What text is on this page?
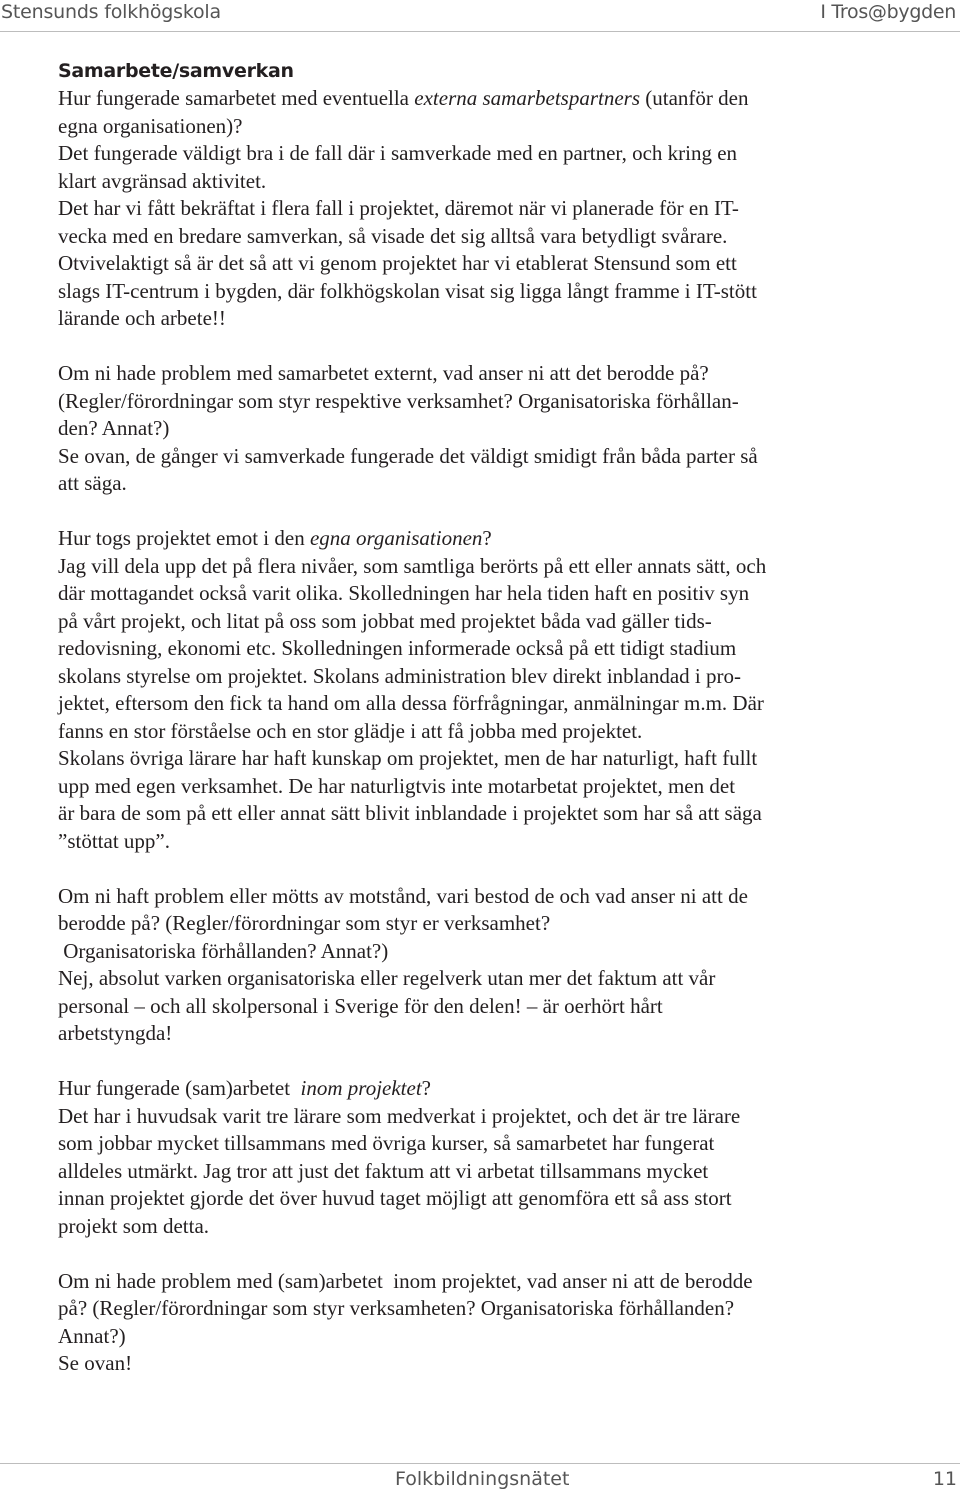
Stensunds folkhögskola	I Tros@bygden
Samarbete/samverkan
Hur fungerade samarbetet med eventuella externa samarbetspartners (utanför den
egna organisationen)?
Det fungerade väldigt bra i de fall där i samverkade med en partner, och kring en
klart avgränsad aktivitet.
Det har vi fått bekräftat i flera fall i projektet, däremot när vi planerade för en IT-
vecka med en bredare samverkan, så visade det sig alltså vara betydligt svårare.
Otvivelaktigt så är det så att vi genom projektet har vi etablerat Stensund som ett
slags IT-centrum i bygden, där folkhögskolan visat sig ligga långt framme i IT-stött
lärande och arbete!!
Om ni hade problem med samarbetet externt, vad anser ni att det berodde på?
(Regler/förordningar som styr respektive verksamhet? Organisatoriska förhållan-
den? Annat?)
Se ovan, de gånger vi samverkade fungerade det väldigt smidigt från båda parter så
att säga.
Hur togs projektet emot i den egna organisationen?
Jag vill dela upp det på flera nivåer, som samtliga berörts på ett eller annats sätt, och
där mottagandet också varit olika. Skolledningen har hela tiden haft en positiv syn
på vårt projekt, och litat på oss som jobbat med projektet båda vad gäller tids-
redovisning, ekonomi etc. Skolledningen informerade också på ett tidigt stadium
skolans styrelse om projektet. Skolans administration blev direkt inblandad i pro-
jektet, eftersom den fick ta hand om alla dessa förfrågningar, anmälningar m.m. Där
fanns en stor förståelse och en stor glädje i att få jobba med projektet.
Skolans övriga lärare har haft kunskap om projektet, men de har naturligt, haft fullt
upp med egen verksamhet. De har naturligtvis inte motarbetat projektet, men det
är bara de som på ett eller annat sätt blivit inblandade i projektet som har så att säga
”stöttat upp”.
Om ni haft problem eller mötts av motstånd, vari bestod de och vad anser ni att de
berodde på? (Regler/förordningar som styr er verksamhet?
Organisatoriska förhållanden? Annat?)
Nej, absolut varken organisatoriska eller regelverk utan mer det faktum att vår
personal – och all skolpersonal i Sverige för den delen! – är oerhört hårt
arbetstyngda!
Hur fungerade (sam)arbetet  inom projektet?
Det har i huvudsak varit tre lärare som medverkat i projektet, och det är tre lärare
som jobbar mycket tillsammans med övriga kurser, så samarbetet har fungerat
alldeles utmärkt. Jag tror att just det faktum att vi arbetat tillsammans mycket
innan projektet gjorde det över huvud taget möjligt att genomföra ett så ass stort
projekt som detta.
Om ni hade problem med (sam)arbetet  inom projektet, vad anser ni att de berodde
på? (Regler/förordningar som styr verksamheten? Organisatoriska förhållanden?
Annat?)
Se ovan!
Folkbildningsnätet	11
